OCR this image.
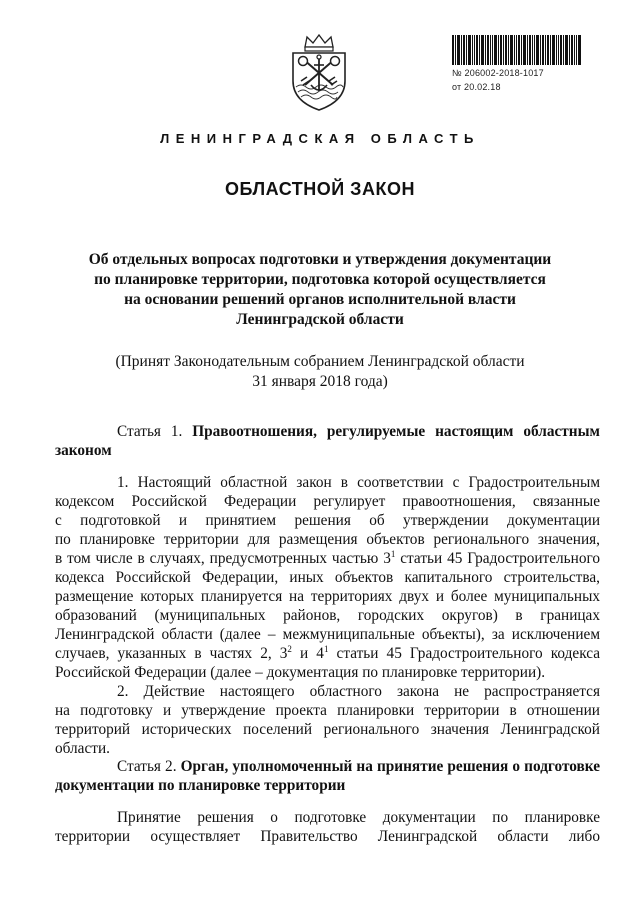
№ 206002-2018-1017
от 20.02.18
ЛЕНИНГРАДСКАЯ ОБЛАСТЬ
ОБЛАСТНОЙ ЗАКОН
Об отдельных вопросах подготовки и утверждения документации
по планировке территории, подготовка которой осуществляется
на основании решений органов исполнительной власти
Ленинградской области
(Принят Законодательным собранием Ленинградской области
31 января 2018 года)
Статья 1. Правоотношения, регулируемые настоящим областным
законом
1. Настоящий областной закон в соответствии с Градостроительным
кодексом Российской Федерации регулирует правоотношения, связанные
с подготовкой и принятием решения об утверждении документации
по планировке территории для размещения объектов регионального значения,
в том числе в случаях, предусмотренных частью $3^1$ статьи 45 Градостроительного
кодекса Российской Федерации, иных объектов капитального строительства,
размещение которых планируется на территориях двух и более муниципальных
образований (муниципальных районов, городских округов) в границах
Ленинградской области (далее – межмуниципальные объекты), за исключением
случаев, указанных в частях 2, $3^2$ и $4^1$ статьи 45 Градостроительного кодекса
Российской Федерации (далее – документация по планировке территории).
2. Действие настоящего областного закона не распространяется
на подготовку и утверждение проекта планировки территории в отношении
территорий исторических поселений регионального значения Ленинградской
области.
Статья 2. Орган, уполномоченный на принятие решения о подготовке
документации по планировке территории
Принятие решения о подготовке документации по планировке
территории осуществляет Правительство Ленинградской области либо
